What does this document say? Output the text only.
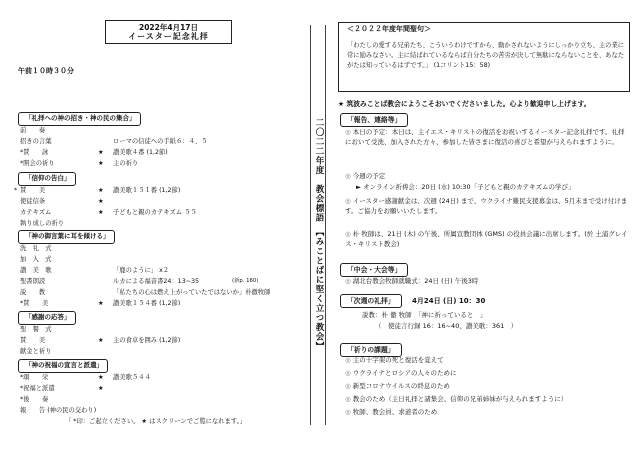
2022年4月17日
イースター記念礼拝
午前１０時３０分
「礼拝への神の招き・神の民の集合」
前　　奏
招きの言葉	ローマの信徒への手紙６：４、５
*賛　　詠	★ 讃美歌４番 (1,2節)
*開会の祈り	★ 主の祈り
「信仰の告白」
* 賛　　美	★ 讃美歌１５１番 (1,2節)
使徒信条	★
カテキズム	★ 子どもと親のカテキズム ５５
執り成しの祈り
「神の御言葉に耳を傾ける」
洗　礼　式
加　入　式
讃　美　歌	「鹿のように」 x２
聖書朗読	ルカによる福音書24：13~35	(新p. 160)
説　　教	「私たちの心は燃え上がっていたではないか」朴徹牧師
*賛　　美	★ 讃美歌１５４番 (1,2節)
「感謝の応答」
聖　餐　式
賛　　美	★ 主の食卓を囲み (1,2節)
献金と祈り
「神の祝福の宣言と派遣」
*頌　　栄	★ 讃美歌５４４
*祝福と派遣	★
*後　　奏
報　　告 (神の民の交わり)
「 *印：ご起立ください。 ★ はスクリーンでご覧になれます。」
二〇二二年度　教会標語　【みことばに堅く立つ教会】
＜２０２２年度年間聖句＞
「わたしの愛する兄弟たち、こういうわけですから、動かされないようにしっかり立ち、主の業に常に励みなさい。主に結ばれているならば自分たちの苦労が決して無駄にならないことを、あなたがたは知っているはずです。」 (1コリント15：58)
★ 筑波みことば教会にようこそおいでくださいました。心より歓迎申し上げます。
「報告、連絡等」
◎ 本日の予定：本日は、主イエス・キリストの復活をお祝いするイースター記念礼拝です。礼拝において受洗、加入された方々、参加した皆さまに復活の喜びと希望が与えられますように。
◎ 今週の予定
► オンライン祈祷会：20日 (水) 10:30「子どもと親のカテキズムの学び」
◎ イースター感謝献金は、次週 (24日) まで、ウクライナ難民支援募金は、5月末まで受け付けます。ご協力をお願いいたします。
◎ 朴 牧師は、21日 (木) の午後、所属宣教団体 (GMS) の役員会議に出席します。(於 土浦グレイス・キリスト教会)
「中会・大会等」
◎ 湖北台教会牧師就職式：24日 (日) 午後3時
「次週の礼拝」	4月24日 (日) 10：30
説教：朴 徹 牧師　「神に祈っていると　」
（　使徒言行録 16：16~40、讃美歌：361　）
「祈りの課題」
◎ 主の十字架の死と復活を覚えて
◎ ウクライナとロシアの人々のために
◎ 新型コロナウイルスの終息のため
◎ 教会のため（主日礼拝と諸集会、信仰の兄弟姉妹が与えられますように）
◎ 牧師、教会員、求道者のため
